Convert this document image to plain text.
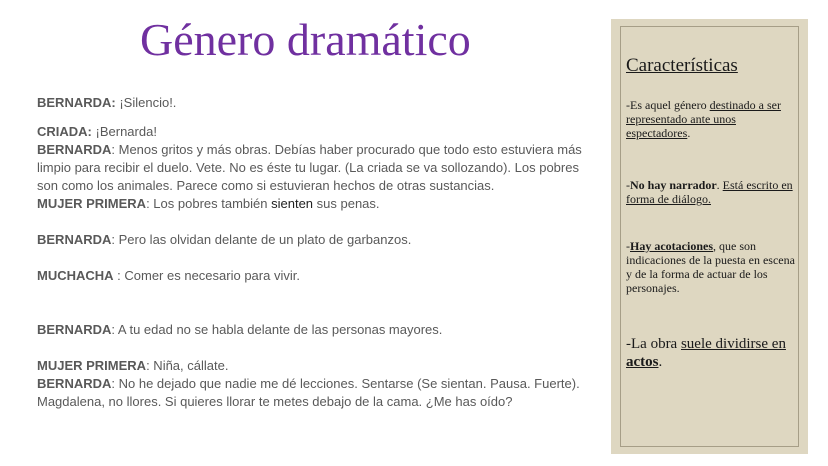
Género dramático

BERNARDA: ¡Silencio!.

CRIADA: ¡Bernarda!

BERNARDA: Menos gritos y más obras. Debías haber procurado que todo esto estuviera más limpio para recibir el duelo. Vete. No es éste tu lugar. (La criada se va sollozando). Los pobres son como los animales. Parece como si estuvieran hechos de otras sustancias.

MUJER PRIMERA: Los pobres también sienten sus penas.

BERNARDA: Pero las olvidan delante de un plato de garbanzos.

MUCHACHA : Comer es necesario para vivir.

BERNARDA: A tu edad no se habla delante de las personas mayores.

MUJER PRIMERA: Niña, cállate.

BERNARDA: No he dejado que nadie me dé lecciones. Sentarse (Se sientan. Pausa. Fuerte). Magdalena, no llores. Si quieres llorar te metes debajo de la cama. ¿Me has oído?

Características

-Es aquel género destinado a ser representado ante unos espectadores.

-No hay narrador. Está escrito en forma de diálogo.

-Hay acotaciones, que son indicaciones de la puesta en escena y de la forma de actuar de los personajes.

-La obra suele dividirse en actos.
